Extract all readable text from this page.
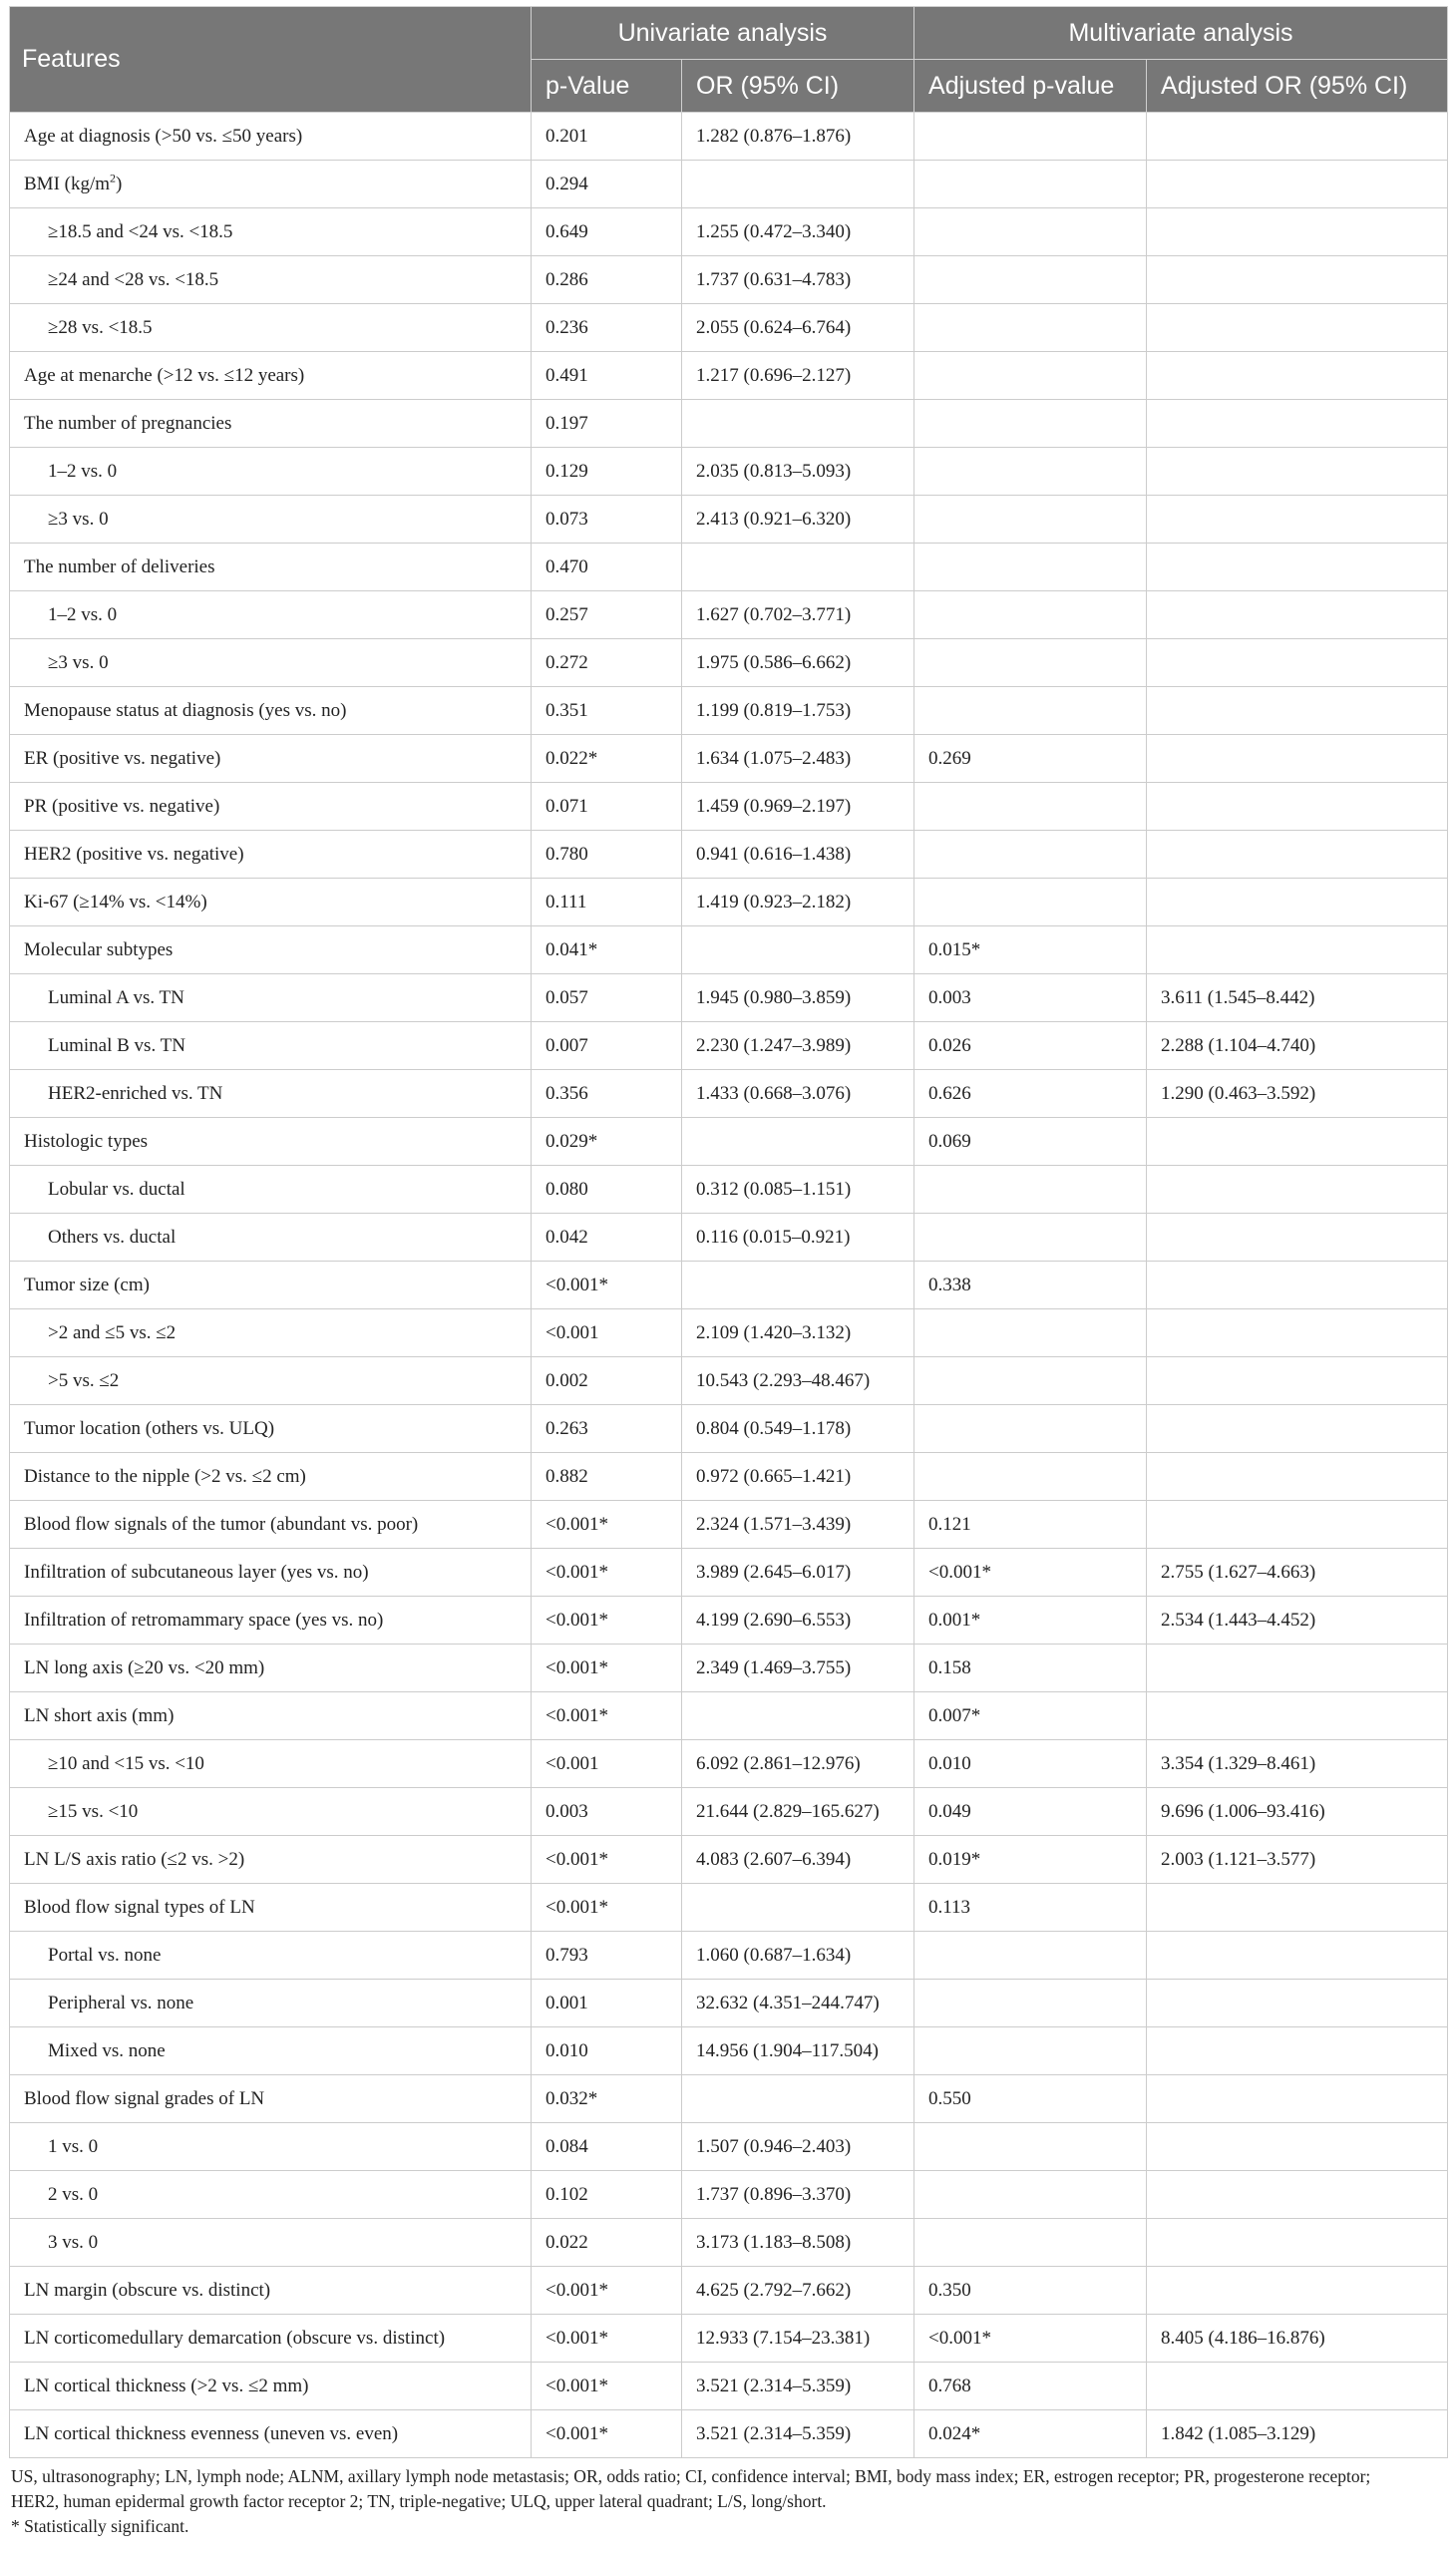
Features	Univariate analysis		Multivariate analysis	
	p-Value	OR (95% CI)	Adjusted p-value	Adjusted OR (95% CI)
Age at diagnosis (>50 vs. ≤50 years)	0.201	1.282 (0.876–1.876)		
BMI $(kg/m^2)$	0.294			
≥18.5 and <24 vs. <18.5	0.649	1.255 (0.472–3.340)		
≥24 and <28 vs. <18.5	0.286	1.737 (0.631–4.783)		
≥28 vs. <18.5	0.236	2.055 (0.624–6.764)		
Age at menarche (>12 vs. ≤12 years)	0.491	1.217 (0.696–2.127)		
The number of pregnancies	0.197			
1–2 vs. 0	0.129	2.035 (0.813–5.093)		
≥3 vs. 0	0.073	2.413 (0.921–6.320)		
The number of deliveries	0.470			
1–2 vs. 0	0.257	1.627 (0.702–3.771)		
≥3 vs. 0	0.272	1.975 (0.586–6.662)		
Menopause status at diagnosis (yes vs. no)	0.351	1.199 (0.819–1.753)		
ER (positive vs. negative)	0.022*	1.634 (1.075–2.483)	0.269	
PR (positive vs. negative)	0.071	1.459 (0.969–2.197)		
HER2 (positive vs. negative)	0.780	0.941 (0.616–1.438)		
Ki-67 (≥14% vs. <14%)	0.111	1.419 (0.923–2.182)		
Molecular subtypes	0.041*		0.015*	
Luminal A vs. TN	0.057	1.945 (0.980–3.859)	0.003	3.611 (1.545–8.442)
Luminal B vs. TN	0.007	2.230 (1.247–3.989)	0.026	2.288 (1.104–4.740)
HER2-enriched vs. TN	0.356	1.433 (0.668–3.076)	0.626	1.290 (0.463–3.592)
Histologic types	0.029*		0.069	
Lobular vs. ductal	0.080	0.312 (0.085–1.151)		
Others vs. ductal	0.042	0.116 (0.015–0.921)		
Tumor size (cm)	<0.001*		0.338	
>2 and ≤5 vs. ≤2	<0.001	2.109 (1.420–3.132)		
>5 vs. ≤2	0.002	10.543 (2.293–48.467)		
Tumor location (others vs. ULQ)	0.263	0.804 (0.549–1.178)		
Distance to the nipple (>2 vs. ≤2 cm)	0.882	0.972 (0.665–1.421)		
Blood flow signals of the tumor (abundant vs. poor)	<0.001*	2.324 (1.571–3.439)	0.121	
Infiltration of subcutaneous layer (yes vs. no)	<0.001*	3.989 (2.645–6.017)	<0.001*	2.755 (1.627–4.663)
Infiltration of retromammary space (yes vs. no)	<0.001*	4.199 (2.690–6.553)	0.001*	2.534 (1.443–4.452)
LN long axis (≥20 vs. <20 mm)	<0.001*	2.349 (1.469–3.755)	0.158	
LN short axis (mm)	<0.001*		0.007*	
≥10 and <15 vs. <10	<0.001	6.092 (2.861–12.976)	0.010	3.354 (1.329–8.461)
≥15 vs. <10	0.003	21.644 (2.829–165.627)	0.049	9.696 (1.006–93.416)
LN L/S axis ratio (≤2 vs. >2)	<0.001*	4.083 (2.607–6.394)	0.019*	2.003 (1.121–3.577)
Blood flow signal types of LN	<0.001*		0.113	
Portal vs. none	0.793	1.060 (0.687–1.634)		
Peripheral vs. none	0.001	32.632 (4.351–244.747)		
Mixed vs. none	0.010	14.956 (1.904–117.504)		
Blood flow signal grades of LN	0.032*		0.550	
1 vs. 0	0.084	1.507 (0.946–2.403)		
2 vs. 0	0.102	1.737 (0.896–3.370)		
3 vs. 0	0.022	3.173 (1.183–8.508)		
LN margin (obscure vs. distinct)	<0.001*	4.625 (2.792–7.662)	0.350	
LN corticomedullary demarcation (obscure vs. distinct)	<0.001*	12.933 (7.154–23.381)	<0.001*	8.405 (4.186–16.876)
LN cortical thickness (>2 vs. ≤2 mm)	<0.001*	3.521 (2.314–5.359)	0.768	
LN cortical thickness evenness (uneven vs. even)	<0.001*	3.521 (2.314–5.359)	0.024*	1.842 (1.085–3.129)
US, ultrasonography; LN, lymph node; ALNM, axillary lymph node metastasis; OR, odds ratio; CI, confidence interval; BMI, body mass index; ER, estrogen receptor; PR, progesterone receptor;
HER2, human epidermal growth factor receptor 2; TN, triple-negative; ULQ, upper lateral quadrant; L/S, long/short.
* Statistically significant.
